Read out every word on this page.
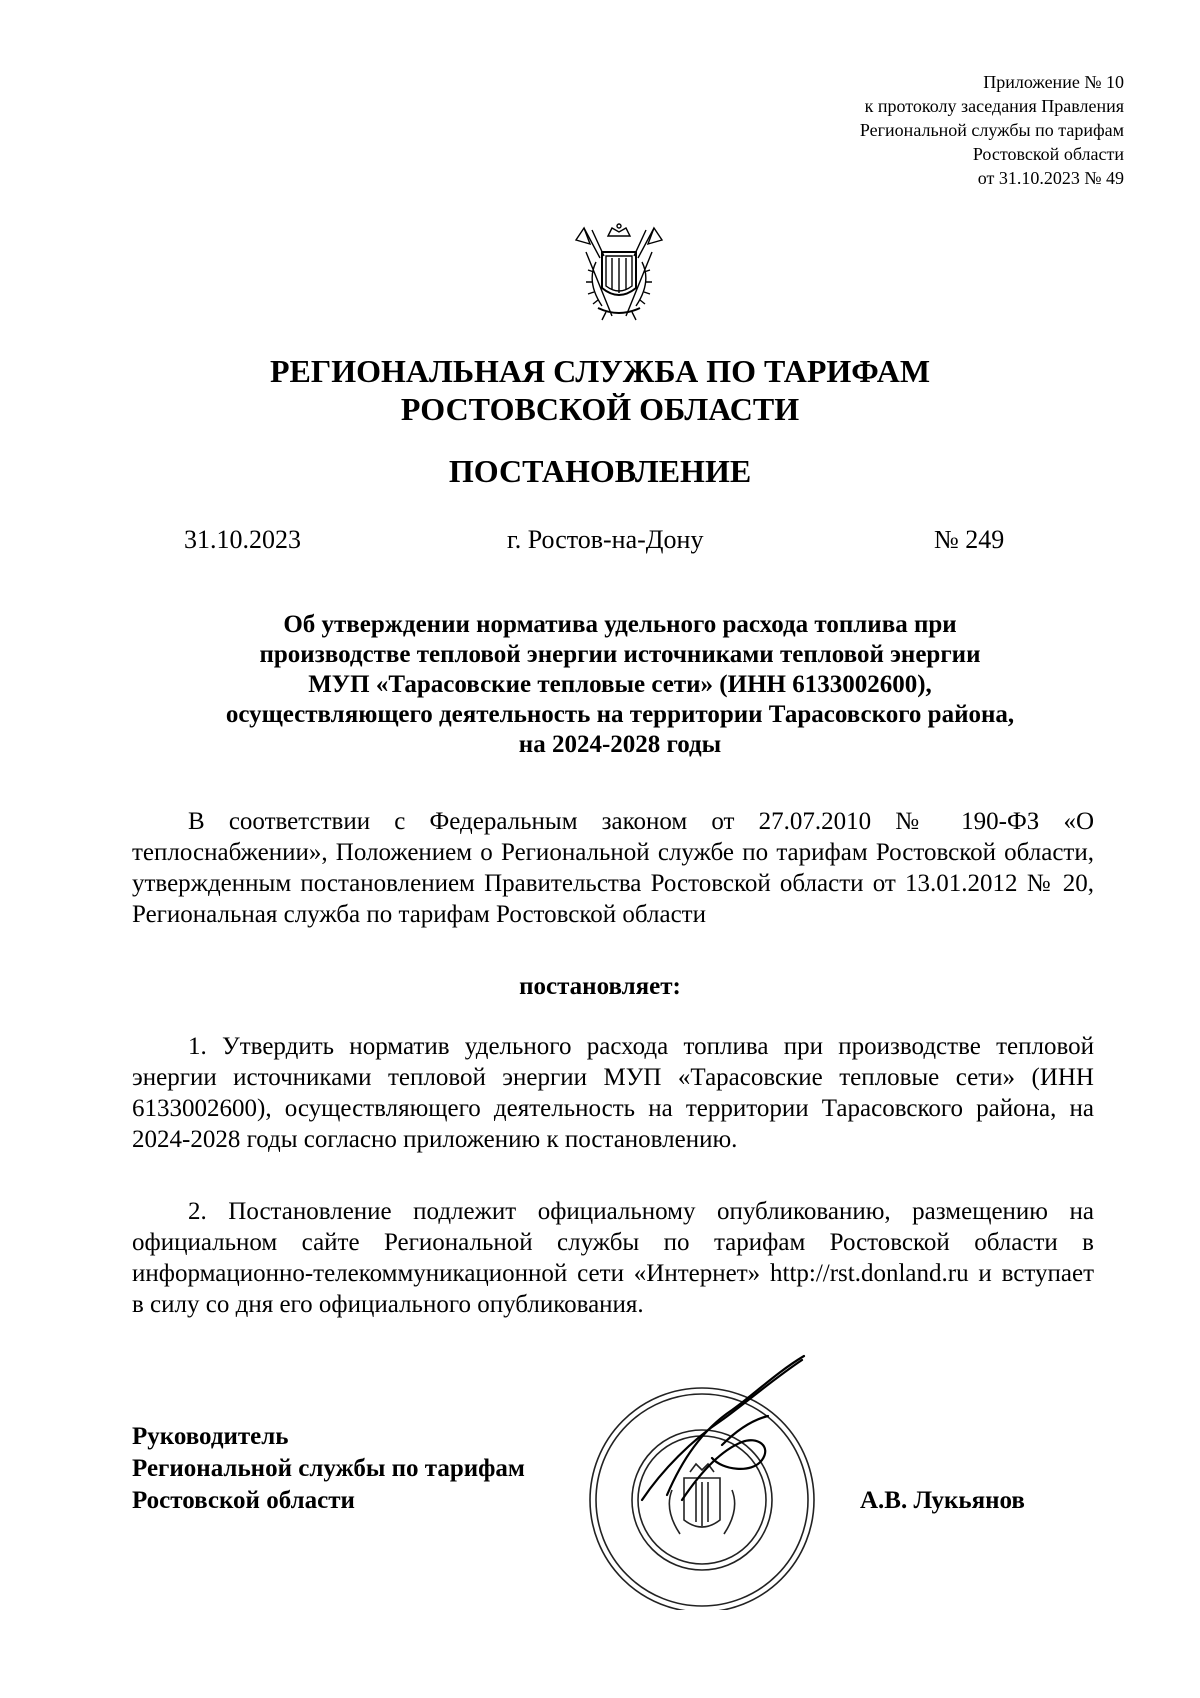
Приложение № 10
к протоколу заседания Правления
Региональной службы по тарифам
Ростовской области
от 31.10.2023 № 49
РЕГИОНАЛЬНАЯ СЛУЖБА ПО ТАРИФАМ
РОСТОВСКОЙ ОБЛАСТИ
ПОСТАНОВЛЕНИЕ
31.10.2023	г. Ростов-на-Дону	№ 249
Об утверждении норматива удельного расхода топлива при
производстве тепловой энергии источниками тепловой энергии
МУП «Тарасовские тепловые сети» (ИНН 6133002600),
осуществляющего деятельность на территории Тарасовского района,
на 2024-2028 годы
В соответствии с Федеральным законом от 27.07.2010 № 190-ФЗ «О теплоснабжении», Положением о Региональной службе по тарифам Ростовской области, утвержденным постановлением Правительства Ростовской области от 13.01.2012 № 20, Региональная служба по тарифам Ростовской области
постановляет:
1. Утвердить норматив удельного расхода топлива при производстве тепловой энергии источниками тепловой энергии МУП «Тарасовские тепловые сети» (ИНН 6133002600), осуществляющего деятельность на территории Тарасовского района, на 2024-2028 годы согласно приложению к постановлению.
2. Постановление подлежит официальному опубликованию, размещению на официальном сайте Региональной службы по тарифам Ростовской области в информационно-телекоммуникационной сети «Интернет» http://rst.donland.ru и вступает в силу со дня его официального опубликования.
Руководитель
Региональной службы по тарифам
Ростовской области	А.В. Лукьянов
